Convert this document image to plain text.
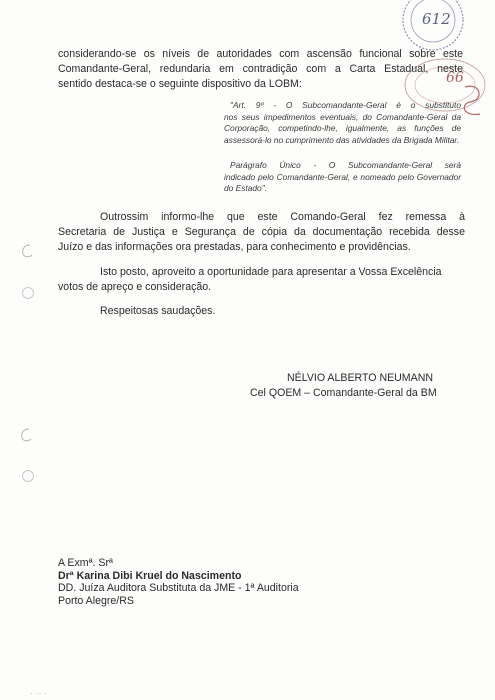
612
66
considerando-se os níveis de autoridades com ascensão funcional sobre este
Comandante-Geral, redundaria em contradição com a Carta Estadual, neste
sentido destaca-se o seguinte dispositivo da LOBM:
"Art. 9º - O Subcomandante-Geral é o substituto
nos seus impedimentos eventuais, do Comandante-Geral da
Corporação, competindo-lhe, igualmente, as funções de
assessorá-lo no cumprimento das atividades da Brigada Militar.
Parágrafo Único - O Subcomandante-Geral será
indicado pelo Comandante-Geral, e nomeado pelo Governador
do Estado".
Outrossim informo-lhe que este Comando-Geral fez remessa à
Secretaria de Justiça e Segurança de cópia da documentação recebida desse
Juízo e das informações ora prestadas, para conhecimento e providências.
Isto posto, aproveito a oportunidade para apresentar a Vossa Excelência
votos de apreço e consideração.
Respeitosas saudações.
NÉLVIO ALBERTO NEUMANN
Cel QOEM – Comandante-Geral da BM
A Exmª. Srª
Drª Karina Dibi Kruel do Nascimento
DD. Juíza Auditora Substituta da JME - 1ª Auditoria
Porto Alegre/RS
· ·· ·
